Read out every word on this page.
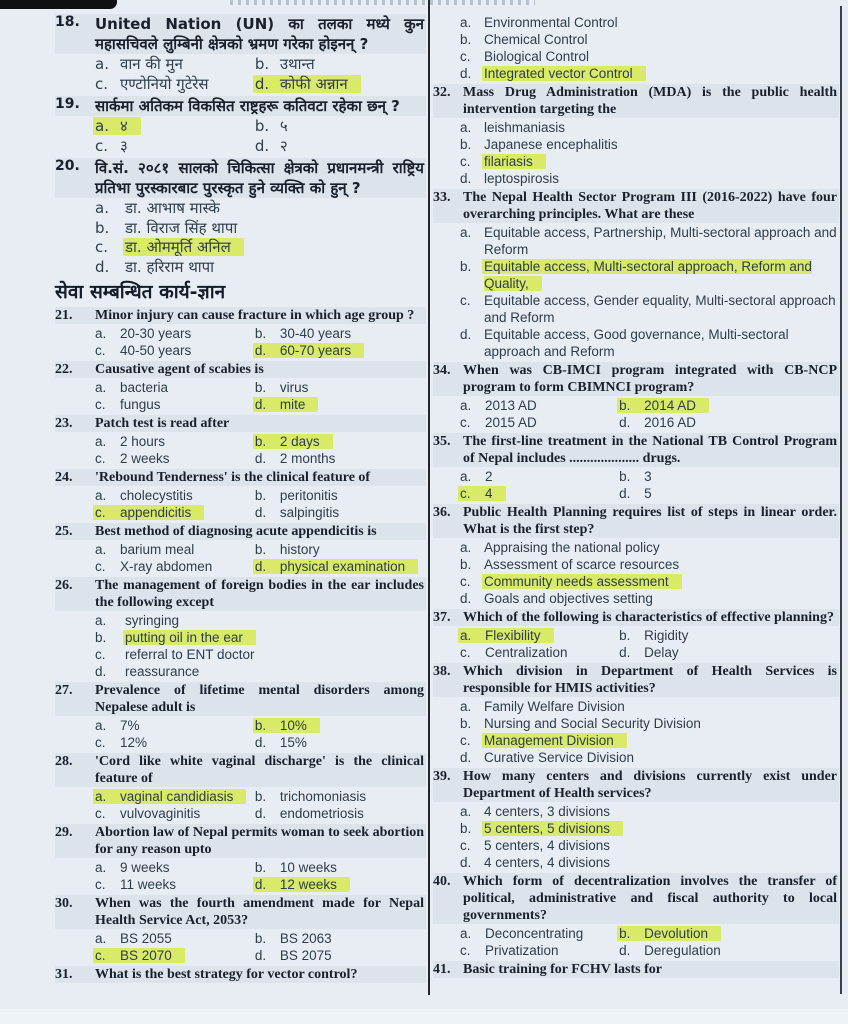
18.	United Nation (UN) का तलका मध्ये कुन महासचिवले लुम्बिनी क्षेत्रको भ्रमण गरेका होइनन् ?
a. वान की मुन	b. उथान्त
c. एण्टोनियो गुटेरेस	d. कोफी अन्नान
19.	सार्कमा अतिकम विकसित राष्ट्रहरू कतिवटा रहेका छन् ?
a. ४	b. ५
c. ३	d. २
20.	वि.सं. २०८१ सालको चिकित्सा क्षेत्रको प्रधानमन्त्री राष्ट्रिय प्रतिभा पुरस्कारबाट पुरस्कृत हुने व्यक्ति को हुन् ?
a. डा. आभाष मास्के
b. डा. विराज सिंह थापा
c. डा. ओममूर्ति अनिल
d. डा. हरिराम थापा
सेवा सम्बन्धित कार्य-ज्ञान
21.	Minor injury can cause fracture in which age group ?
a. 20-30 years	b. 30-40 years
c. 40-50 years	d. 60-70 years
22.	Causative agent of scabies is
a. bacteria	b. virus
c. fungus	d. mite
23.	Patch test is read after
a. 2 hours	b. 2 days
c. 2 weeks	d. 2 months
24.	'Rebound Tenderness' is the clinical feature of
a. cholecystitis	b. peritonitis
c. appendicitis	d. salpingitis
25.	Best method of diagnosing acute appendicitis is
a. barium meal	b. history
c. X-ray abdomen	d. physical examination
26.	The management of foreign bodies in the ear includes the following except
a. syringing
b. putting oil in the ear
c. referral to ENT doctor
d. reassurance
27.	Prevalence of lifetime mental disorders among Nepalese adult is
a. 7%	b. 10%
c. 12%	d. 15%
28.	'Cord like white vaginal discharge' is the clinical feature of
a. vaginal candidiasis	b. trichomoniasis
c. vulvovaginitis	d. endometriosis
29.	Abortion law of Nepal permits woman to seek abortion for any reason upto
a. 9 weeks	b. 10 weeks
c. 11 weeks	d. 12 weeks
30.	When was the fourth amendment made for Nepal Health Service Act, 2053?
a. BS 2055	b. BS 2063
c. BS 2070	d. BS 2075
31.	What is the best strategy for vector control?
a. Environmental Control
b. Chemical Control
c. Biological Control
d. Integrated vector Control
32. Mass Drug Administration (MDA) is the public health intervention targeting the
a. leishmaniasis
b. Japanese encephalitis
c. filariasis
d. leptospirosis
33. The Nepal Health Sector Program III (2016-2022) have four overarching principles. What are these
a. Equitable access, Partnership, Multi-sectoral approach and Reform
b. Equitable access, Multi-sectoral approach, Reform and Quality,
c. Equitable access, Gender equality, Multi-sectoral approach and Reform
d. Equitable access, Good governance, Multi-sectoral approach and Reform
34. When was CB-IMCI program integrated with CB-NCP program to form CBIMNCI program?
a. 2013 AD	b. 2014 AD
c. 2015 AD	d. 2016 AD
35. The first-line treatment in the National TB Control Program of Nepal includes .................... drugs.
a. 2	b. 3
c. 4	d. 5
36. Public Health Planning requires list of steps in linear order. What is the first step?
a. Appraising the national policy
b. Assessment of scarce resources
c. Community needs assessment
d. Goals and objectives setting
37. Which of the following is characteristics of effective planning?
a. Flexibility	b. Rigidity
c. Centralization	d. Delay
38. Which division in Department of Health Services is responsible for HMIS activities?
a. Family Welfare Division
b. Nursing and Social Security Division
c. Management Division
d. Curative Service Division
39. How many centers and divisions currently exist under Department of Health services?
a. 4 centers, 3 divisions
b. 5 centers, 5 divisions
c. 5 centers, 4 divisions
d. 4 centers, 4 divisions
40. Which form of decentralization involves the transfer of political, administrative and fiscal authority to local governments?
a. Deconcentrating	b. Devolution
c. Privatization	d. Deregulation
41. Basic training for FCHV lasts for
